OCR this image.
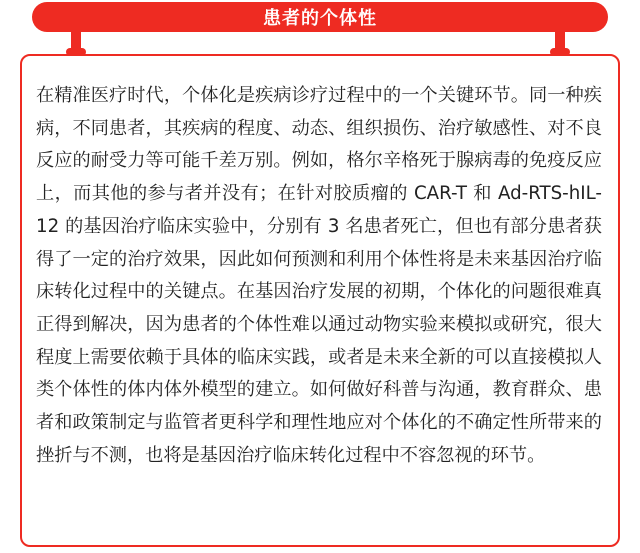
患者的个体性

在精准医疗时代，个体化是疾病诊疗过程中的一个关键环节。同一种疾病，不同患者，其疾病的程度、动态、组织损伤、治疗敏感性、对不良反应的耐受力等可能千差万别。例如，格尔辛格死于腺病毒的免疫反应上，而其他的参与者并没有；在针对胶质瘤的 CAR-T 和 Ad-RTS-hIL-12 的基因治疗临床实验中，分别有 3 名患者死亡，但也有部分患者获得了一定的治疗效果，因此如何预测和利用个体性将是未来基因治疗临床转化过程中的关键点。在基因治疗发展的初期，个体化的问题很难真正得到解决，因为患者的个体性难以通过动物实验来模拟或研究，很大程度上需要依赖于具体的临床实践，或者是未来全新的可以直接模拟人类个体性的体内体外模型的建立。如何做好科普与沟通，教育群众、患者和政策制定与监管者更科学和理性地应对个体化的不确定性所带来的挫折与不测，也将是基因治疗临床转化过程中不容忽视的环节。
